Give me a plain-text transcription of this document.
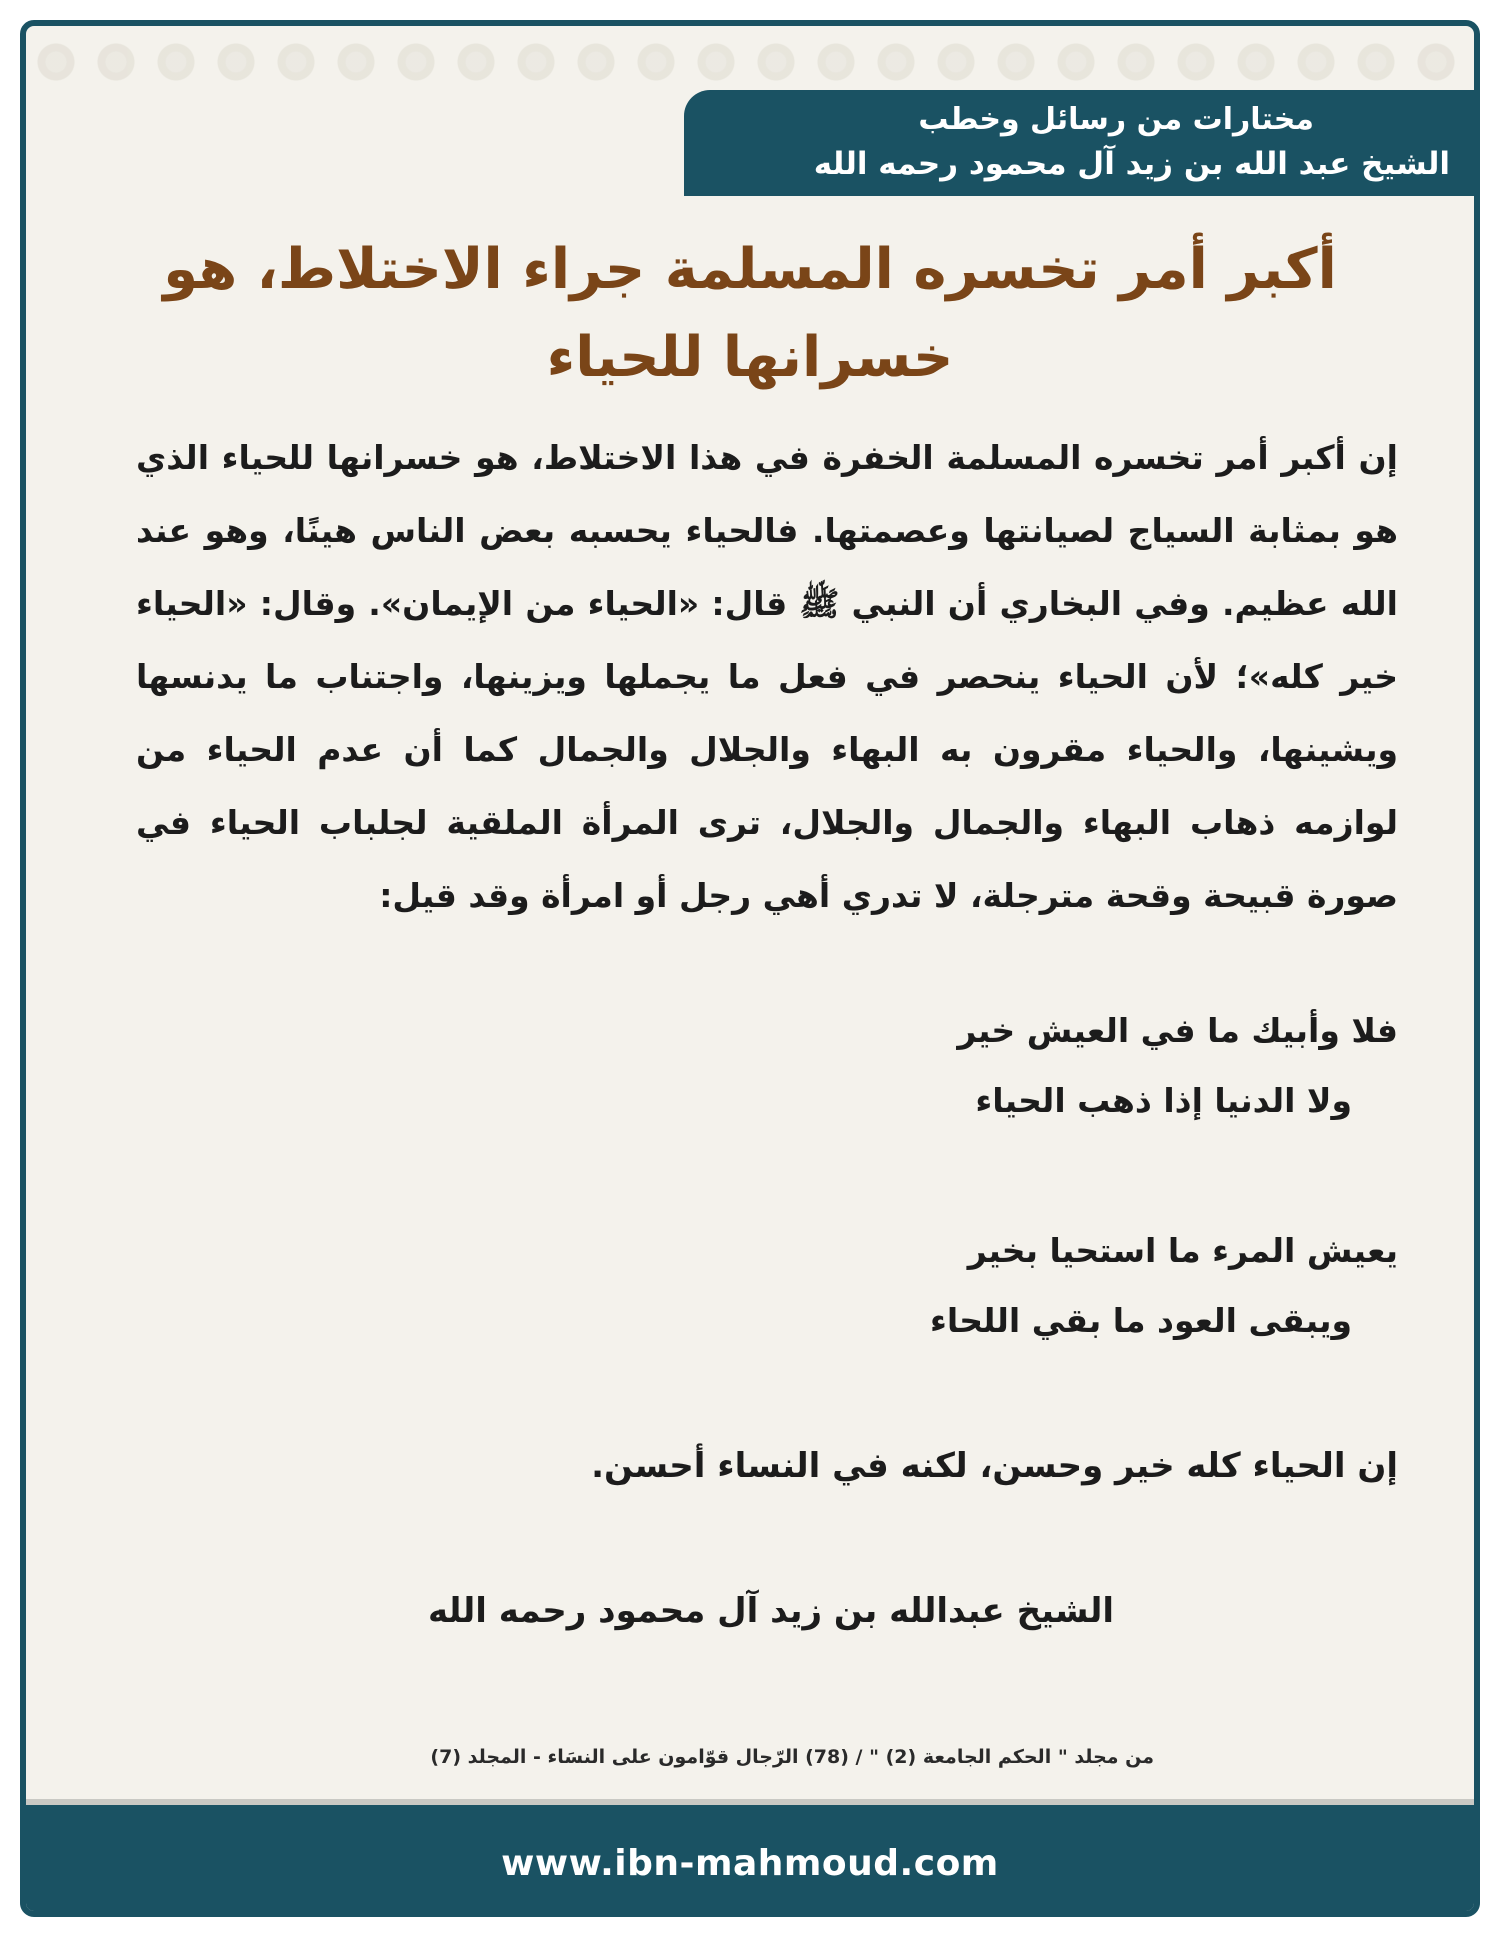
مختارات من رسائل وخطب
الشيخ عبد الله بن زيد آل محمود رحمه الله
أكبر أمر تخسره المسلمة جراء الاختلاط، هو خسرانها للحياء
إن أكبر أمر تخسره المسلمة الخفرة في هذا الاختلاط، هو خسرانها للحياء الذي هو بمثابة السياج لصيانتها وعصمتها. فالحياء يحسبه بعض الناس هينًا، وهو عند الله عظيم. وفي البخاري أن النبي ﷺ قال: «الحياء من الإيمان». وقال: «الحياء خير كله»؛ لأن الحياء ينحصر في فعل ما يجملها ويزينها، واجتناب ما يدنسها ويشينها، والحياء مقرون به البهاء والجلال والجمال كما أن عدم الحياء من لوازمه ذهاب البهاء والجمال والجلال، ترى المرأة الملقية لجلباب الحياء في صورة قبيحة وقحة مترجلة، لا تدري أهي رجل أو امرأة وقد قيل:
فلا وأبيك ما في العيش خير
ولا الدنيا إذا ذهب الحياء
يعيش المرء ما استحيا بخير
ويبقى العود ما بقي اللحاء
إن الحياء كله خير وحسن، لكنه في النساء أحسن.
الشيخ عبدالله بن زيد آل محمود رحمه الله
من مجلد " الحكم الجامعة (2) " / (78) الرّجال قوّامون على النسَاء - المجلد (7)
www.ibn-mahmoud.com
